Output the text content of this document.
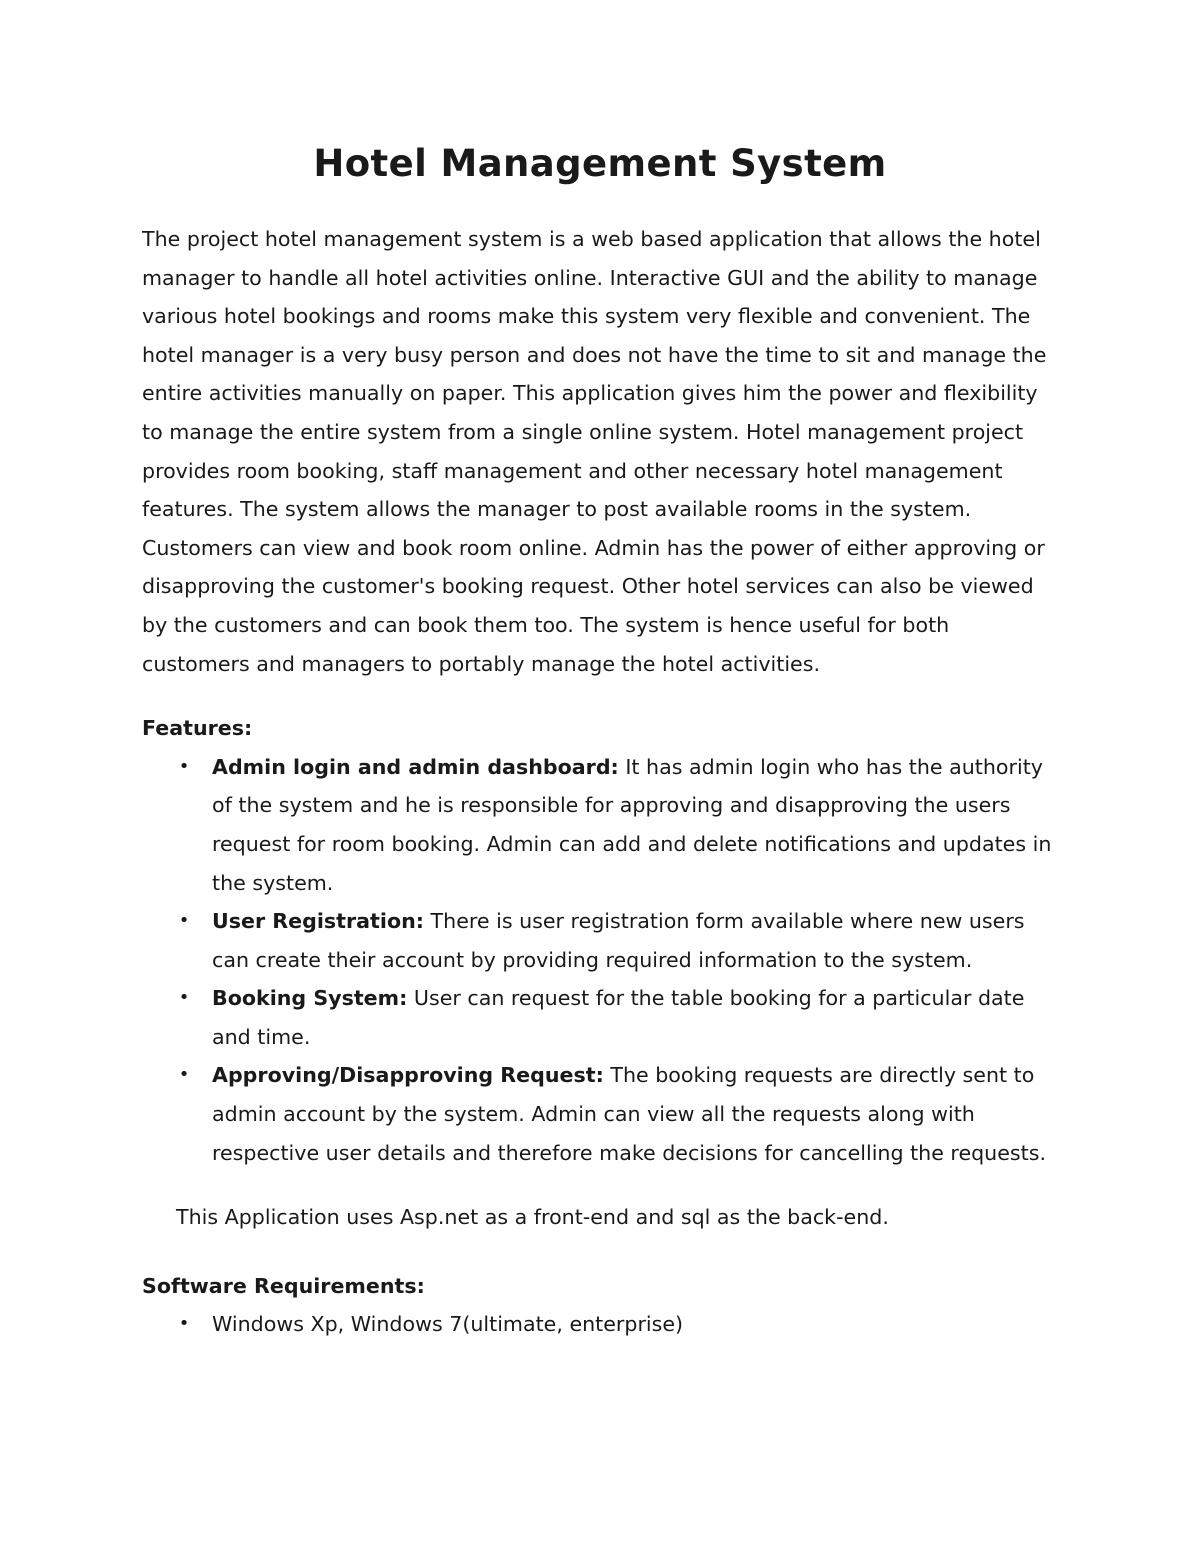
Hotel Management System

The project hotel management system is a web based application that allows the hotel manager to handle all hotel activities online. Interactive GUI and the ability to manage various hotel bookings and rooms make this system very flexible and convenient. The hotel manager is a very busy person and does not have the time to sit and manage the entire activities manually on paper. This application gives him the power and flexibility to manage the entire system from a single online system. Hotel management project provides room booking, staff management and other necessary hotel management features. The system allows the manager to post available rooms in the system. Customers can view and book room online. Admin has the power of either approving or disapproving the customer's booking request. Other hotel services can also be viewed by the customers and can book them too. The system is hence useful for both customers and managers to portably manage the hotel activities.

Features:
• Admin login and admin dashboard: It has admin login who has the authority of the system and he is responsible for approving and disapproving the users request for room booking. Admin can add and delete notifications and updates in the system.
• User Registration: There is user registration form available where new users can create their account by providing required information to the system.
• Booking System: User can request for the table booking for a particular date and time.
• Approving/Disapproving Request: The booking requests are directly sent to admin account by the system. Admin can view all the requests along with respective user details and therefore make decisions for cancelling the requests.

This Application uses Asp.net as a front-end and sql as the back-end.

Software Requirements:
• Windows Xp, Windows 7(ultimate, enterprise)
